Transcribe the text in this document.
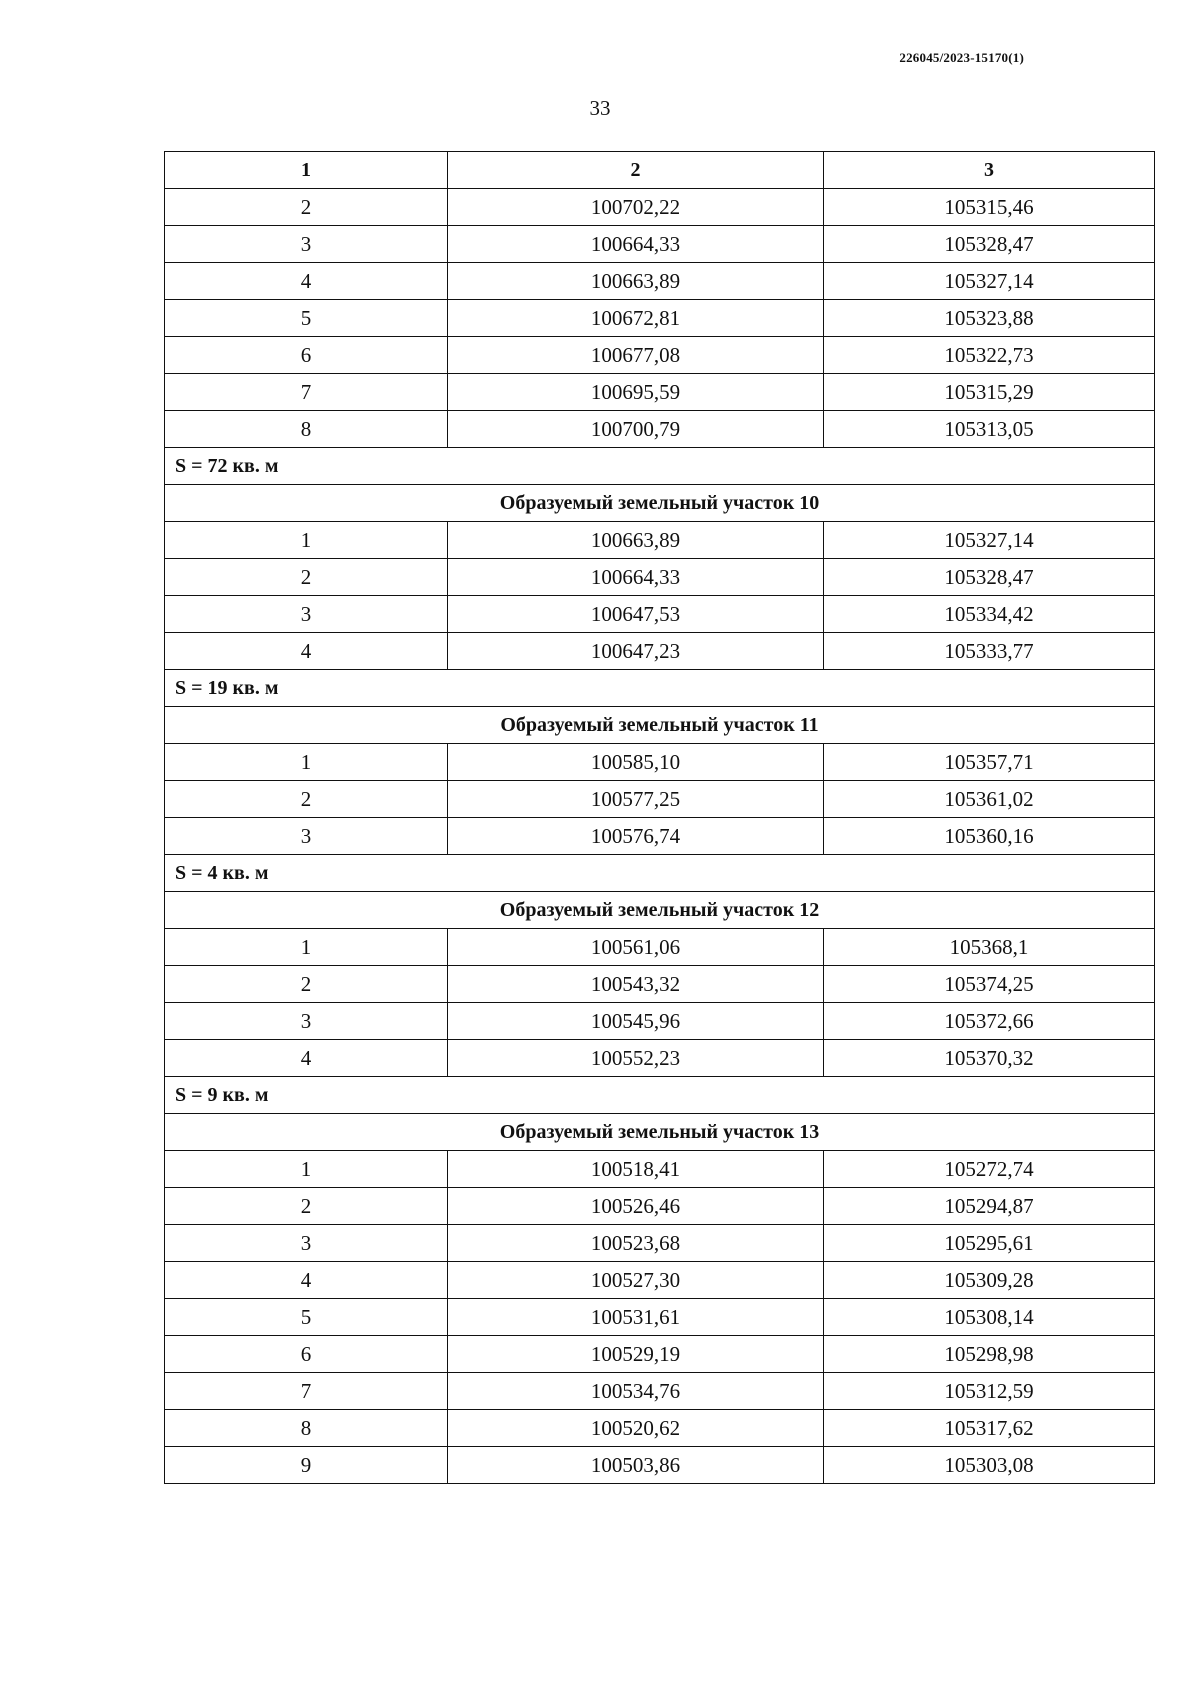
226045/2023-15170(1)
33
1	2	3
2	100702,22	105315,46
3	100664,33	105328,47
4	100663,89	105327,14
5	100672,81	105323,88
6	100677,08	105322,73
7	100695,59	105315,29
8	100700,79	105313,05
S = 72 кв. м		
Образуемый земельный участок 10		
1	100663,89	105327,14
2	100664,33	105328,47
3	100647,53	105334,42
4	100647,23	105333,77
S = 19 кв. м		
Образуемый земельный участок 11		
1	100585,10	105357,71
2	100577,25	105361,02
3	100576,74	105360,16
S = 4 кв. м		
Образуемый земельный участок 12		
1	100561,06	105368,1
2	100543,32	105374,25
3	100545,96	105372,66
4	100552,23	105370,32
S = 9 кв. м		
Образуемый земельный участок 13		
1	100518,41	105272,74
2	100526,46	105294,87
3	100523,68	105295,61
4	100527,30	105309,28
5	100531,61	105308,14
6	100529,19	105298,98
7	100534,76	105312,59
8	100520,62	105317,62
9	100503,86	105303,08
